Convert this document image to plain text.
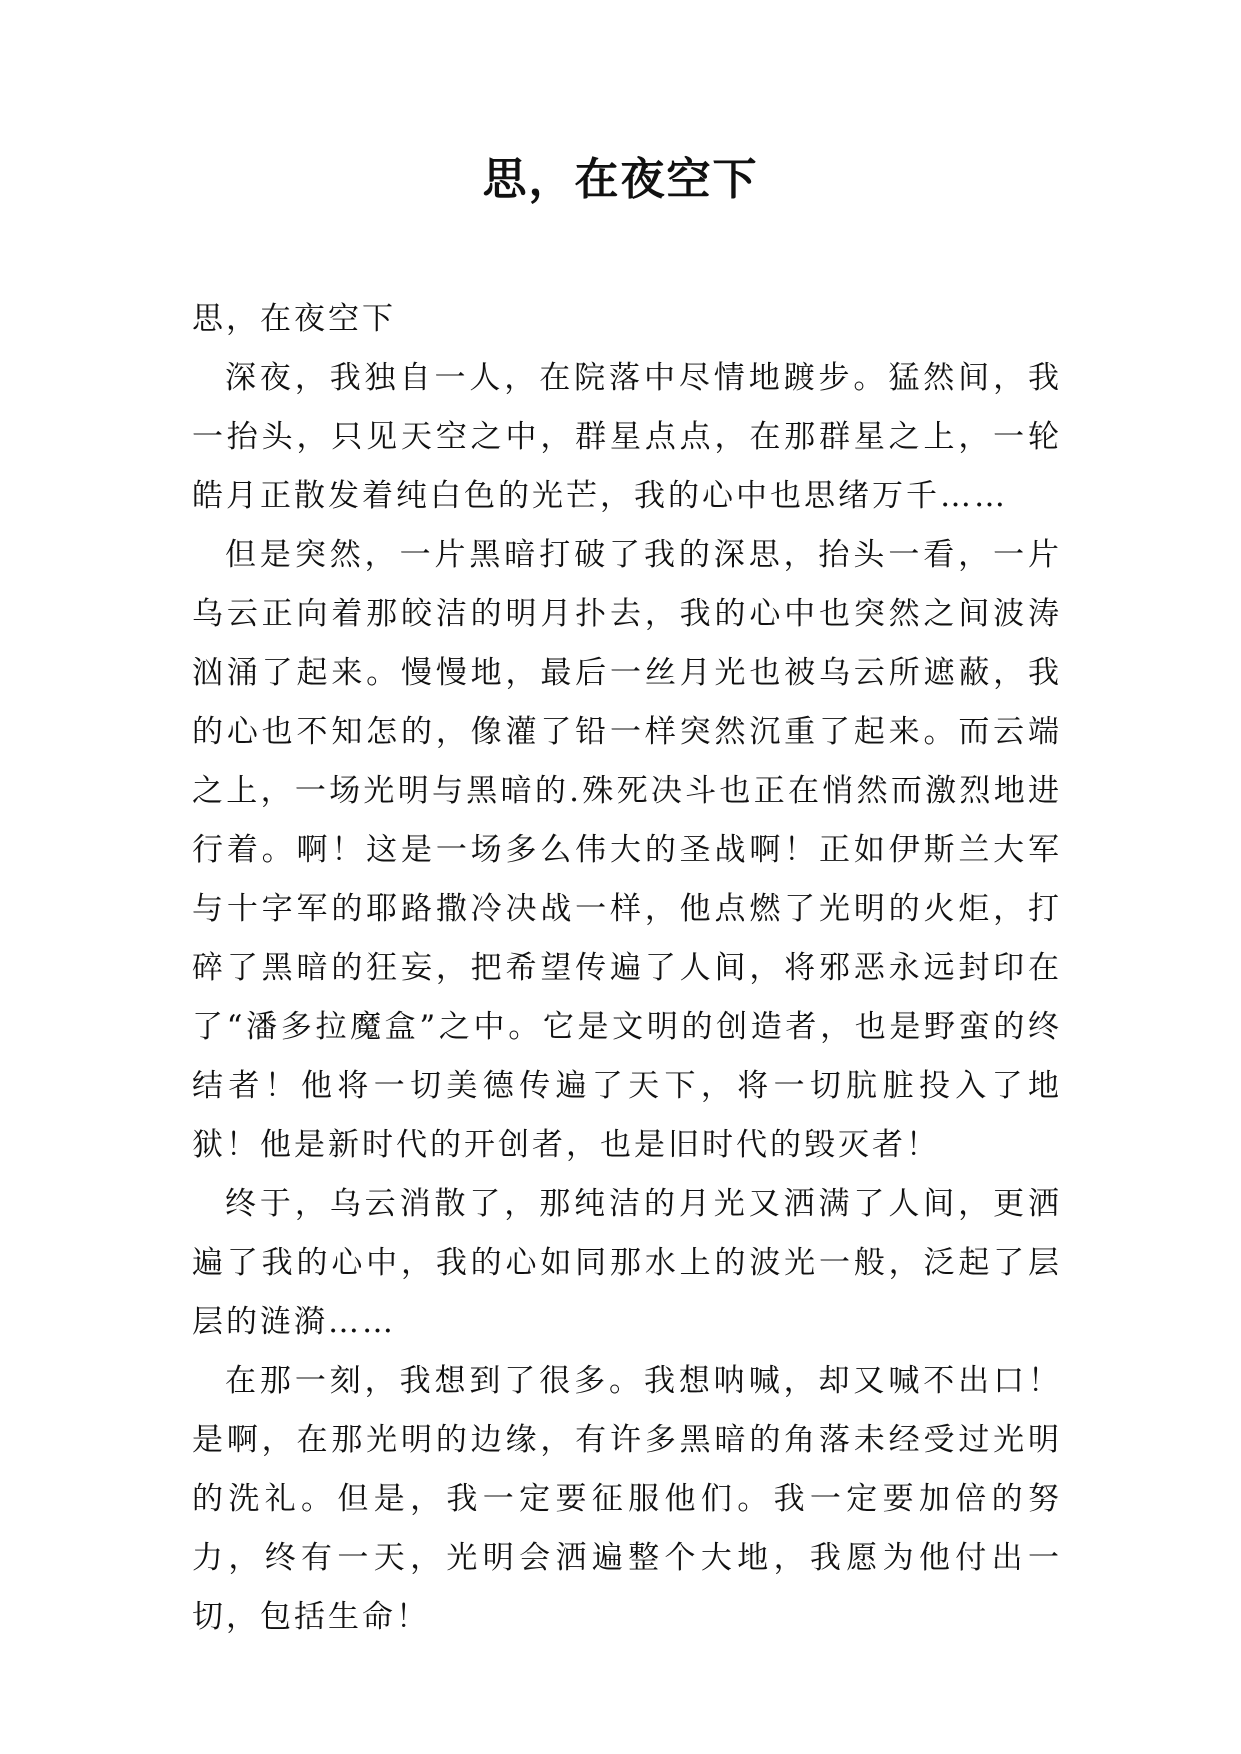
思，在夜空下

思，在夜空下

深夜，我独自一人，在院落中尽情地踱步。猛然间，我一抬头，只见天空之中，群星点点，在那群星之上，一轮皓月正散发着纯白色的光芒，我的心中也思绪万千……

但是突然，一片黑暗打破了我的深思，抬头一看，一片乌云正向着那皎洁的明月扑去，我的心中也突然之间波涛汹涌了起来。慢慢地，最后一丝月光也被乌云所遮蔽，我的心也不知怎的，像灌了铅一样突然沉重了起来。而云端之上，一场光明与黑暗的.殊死决斗也正在悄然而激烈地进行着。啊！这是一场多么伟大的圣战啊！正如伊斯兰大军与十字军的耶路撒冷决战一样，他点燃了光明的火炬，打碎了黑暗的狂妄，把希望传遍了人间，将邪恶永远封印在了“潘多拉魔盒”之中。它是文明的创造者，也是野蛮的终结者！他将一切美德传遍了天下，将一切肮脏投入了地狱！他是新时代的开创者，也是旧时代的毁灭者！

终于，乌云消散了，那纯洁的月光又洒满了人间，更洒遍了我的心中，我的心如同那水上的波光一般，泛起了层层的涟漪……

在那一刻，我想到了很多。我想呐喊，却又喊不出口！是啊，在那光明的边缘，有许多黑暗的角落未经受过光明的洗礼。但是，我一定要征服他们。我一定要加倍的努力，终有一天，光明会洒遍整个大地，我愿为他付出一切，包括生命！
